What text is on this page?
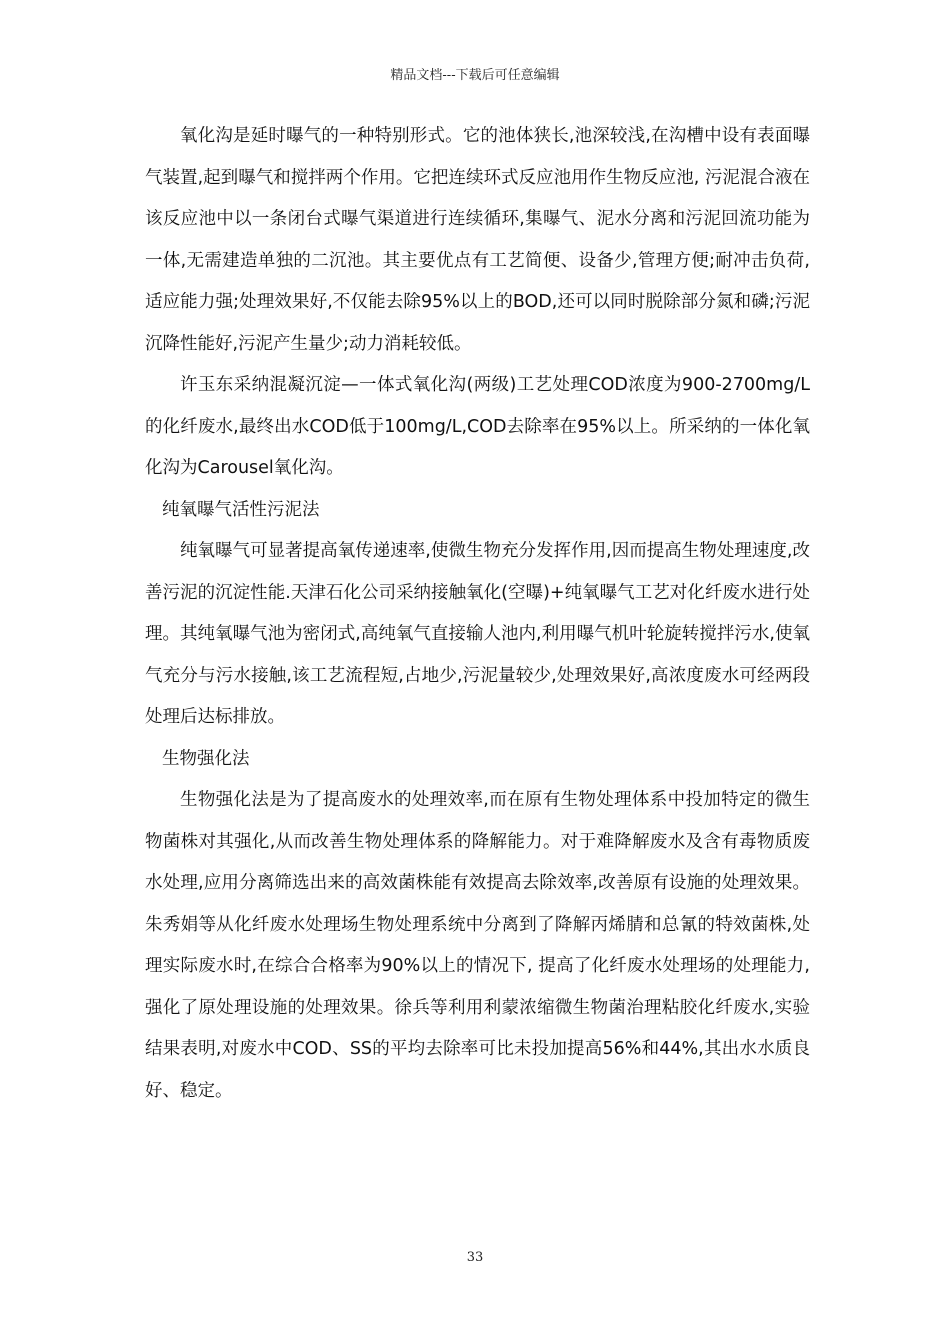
精品文档---下载后可任意编辑

氧化沟是延时曝气的一种特别形式。它的池体狭长,池深较浅,在沟槽中设有表面曝气装置,起到曝气和搅拌两个作用。它把连续环式反应池用作生物反应池, 污泥混合液在该反应池中以一条闭台式曝气渠道进行连续循环,集曝气、泥水分离和污泥回流功能为一体,无需建造单独的二沉池。其主要优点有工艺简便、设备少,管理方便;耐冲击负荷,适应能力强;处理效果好,不仅能去除95%以上的BOD,还可以同时脱除部分氮和磷;污泥沉降性能好,污泥产生量少;动力消耗较低。

许玉东采纳混凝沉淀—一体式氧化沟(两级)工艺处理COD浓度为900-2700mg/L的化纤废水,最终出水COD低于100mg/L,COD去除率在95%以上。所采纳的一体化氧化沟为Carousel氧化沟。

纯氧曝气活性污泥法

纯氧曝气可显著提高氧传递速率,使微生物充分发挥作用,因而提高生物处理速度,改善污泥的沉淀性能.天津石化公司采纳接触氧化(空曝)+纯氧曝气工艺对化纤废水进行处理。其纯氧曝气池为密闭式,高纯氧气直接输人池内,利用曝气机叶轮旋转搅拌污水,使氧气充分与污水接触,该工艺流程短,占地少,污泥量较少,处理效果好,高浓度废水可经两段处理后达标排放。

生物强化法

生物强化法是为了提高废水的处理效率,而在原有生物处理体系中投加特定的微生物菌株对其强化,从而改善生物处理体系的降解能力。对于难降解废水及含有毒物质废水处理,应用分离筛选出来的高效菌株能有效提高去除效率,改善原有设施的处理效果。朱秀娟等从化纤废水处理场生物处理系统中分离到了降解丙烯腈和总氰的特效菌株,处理实际废水时,在综合合格率为90%以上的情况下, 提高了化纤废水处理场的处理能力, 强化了原处理设施的处理效果。徐兵等利用利蒙浓缩微生物菌治理粘胶化纤废水,实验结果表明,对废水中COD、SS的平均去除率可比未投加提高56%和44%,其出水水质良好、稳定。

33
